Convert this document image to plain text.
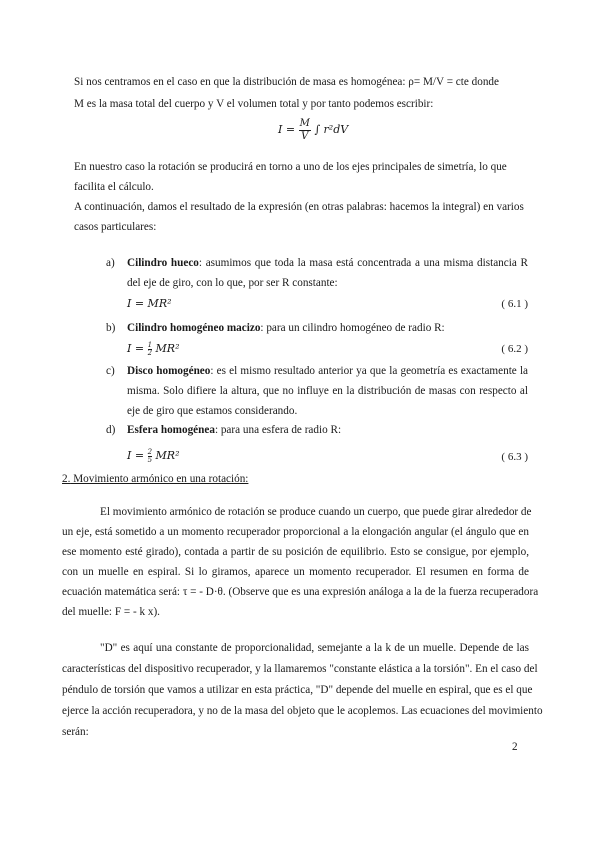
Si nos centramos en el caso en que la distribución de masa es homogénea: ρ= M/V = cte donde
M es la masa total del cuerpo y V el volumen total y por tanto podemos escribir:
$I = \frac{M}{V}$ ∫ r²dV
En nuestro caso la rotación se producirá en torno a uno de los ejes principales de simetría, lo que
facilita el cálculo.
A continuación, damos el resultado de la expresión (en otras palabras: hacemos la integral) en varios
casos particulares:
a) Cilindro hueco: asumimos que toda la masa está concentrada a una misma distancia R
del eje de giro, con lo que, por ser R constante:
I = MR²	( 6.1 )
b) Cilindro homogéneo macizo: para un cilindro homogéneo de radio R:
$I = \frac{1}{2} MR^2$	( 6.2 )
c) Disco homogéneo: es el mismo resultado anterior ya que la geometría es exactamente la
misma. Solo difiere la altura, que no influye en la distribución de masas con respecto al
eje de giro que estamos considerando.
d) Esfera homogénea: para una esfera de radio R:
$I = \frac{2}{5} MR^2$	( 6.3 )
2. Movimiento armónico en una rotación:
El movimiento armónico de rotación se produce cuando un cuerpo, que puede girar alrededor de
un eje, está sometido a un momento recuperador proporcional a la elongación angular (el ángulo que en
ese momento esté girado), contada a partir de su posición de equilibrio. Esto se consigue, por ejemplo,
con un muelle en espiral. Si lo giramos, aparece un momento recuperador. El resumen en forma de
ecuación matemática será: τ = - D·θ. (Observe que es una expresión análoga a la de la fuerza recuperadora
del muelle: F = - k x).
"D" es aquí una constante de proporcionalidad, semejante a la k de un muelle. Depende de las
características del dispositivo recuperador, y la llamaremos "constante elástica a la torsión". En el caso del
péndulo de torsión que vamos a utilizar en esta práctica, "D" depende del muelle en espiral, que es el que
ejerce la acción recuperadora, y no de la masa del objeto que le acoplemos. Las ecuaciones del movimiento
serán:
2
